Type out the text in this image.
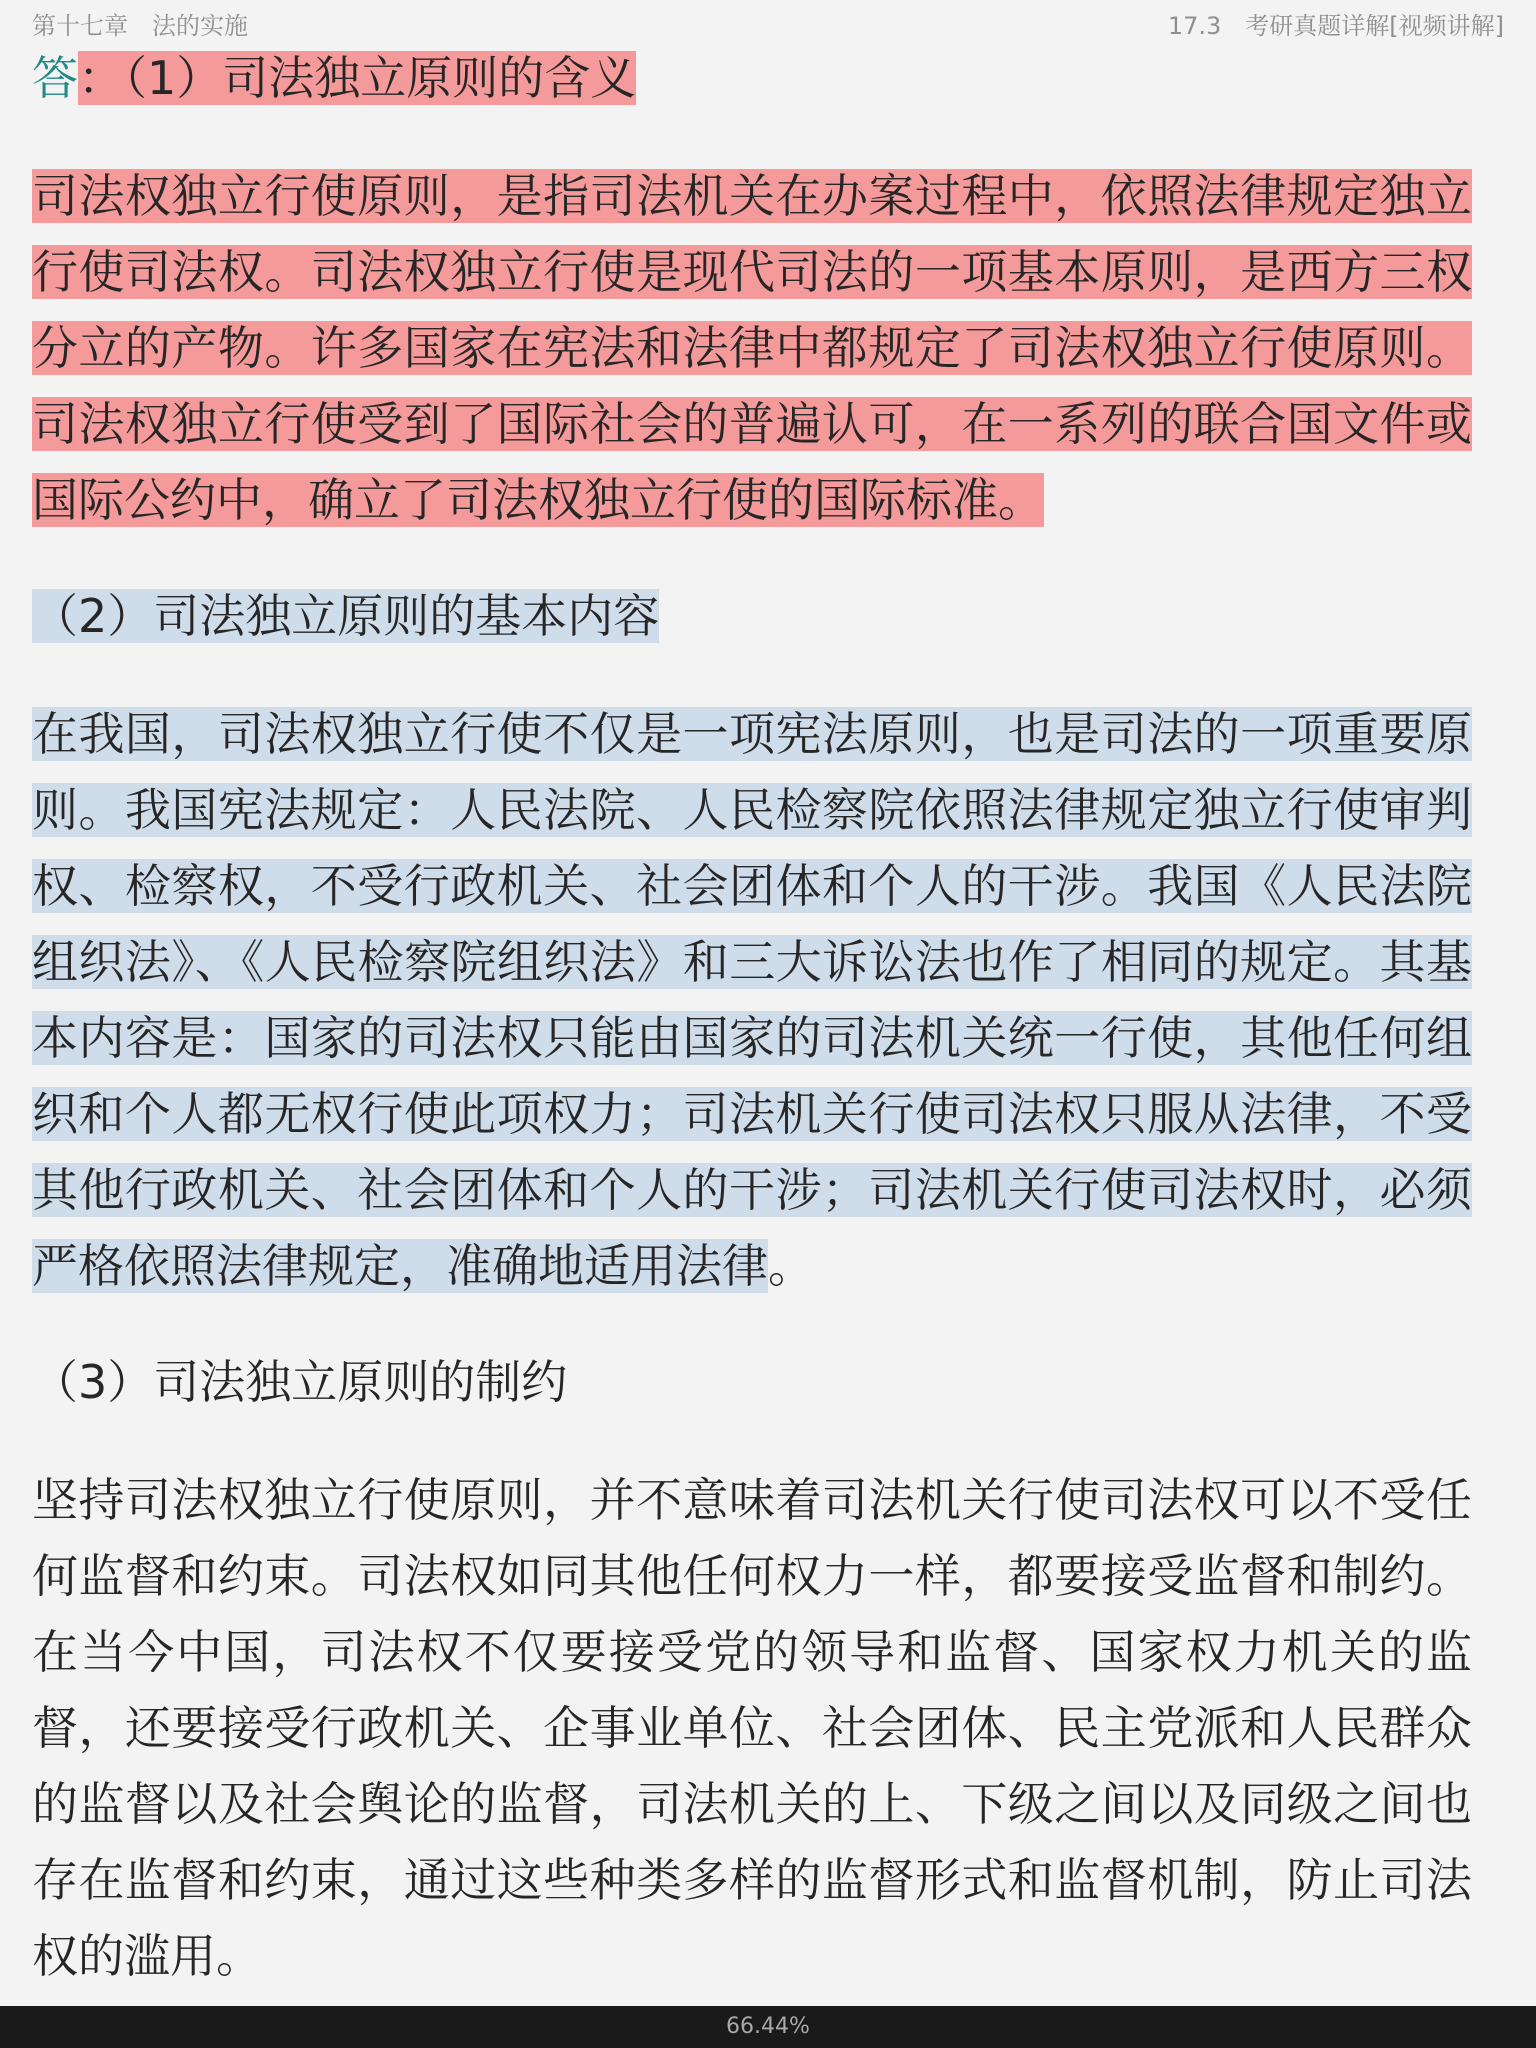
第十七章　法的实施	17.3　考研真题详解[视频讲解]

答：（1）司法独立原则的含义

司法权独立行使原则，是指司法机关在办案过程中，依照法律规定独立行使司法权。司法权独立行使是现代司法的一项基本原则，是西方三权分立的产物。许多国家在宪法和法律中都规定了司法权独立行使原则。司法权独立行使受到了国际社会的普遍认可，在一系列的联合国文件或国际公约中，确立了司法权独立行使的国际标准。

（2）司法独立原则的基本内容

在我国，司法权独立行使不仅是一项宪法原则，也是司法的一项重要原则。我国宪法规定：人民法院、人民检察院依照法律规定独立行使审判权、检察权，不受行政机关、社会团体和个人的干涉。我国《人民法院组织法》、《人民检察院组织法》和三大诉讼法也作了相同的规定。其基本内容是：国家的司法权只能由国家的司法机关统一行使，其他任何组织和个人都无权行使此项权力；司法机关行使司法权只服从法律，不受其他行政机关、社会团体和个人的干涉；司法机关行使司法权时，必须严格依照法律规定，准确地适用法律。

（3）司法独立原则的制约

坚持司法权独立行使原则，并不意味着司法机关行使司法权可以不受任何监督和约束。司法权如同其他任何权力一样，都要接受监督和制约。在当今中国，司法权不仅要接受党的领导和监督、国家权力机关的监督，还要接受行政机关、企事业单位、社会团体、民主党派和人民群众的监督以及社会舆论的监督，司法机关的上、下级之间以及同级之间也存在监督和约束，通过这些种类多样的监督形式和监督机制，防止司法权的滥用。

66.44%
